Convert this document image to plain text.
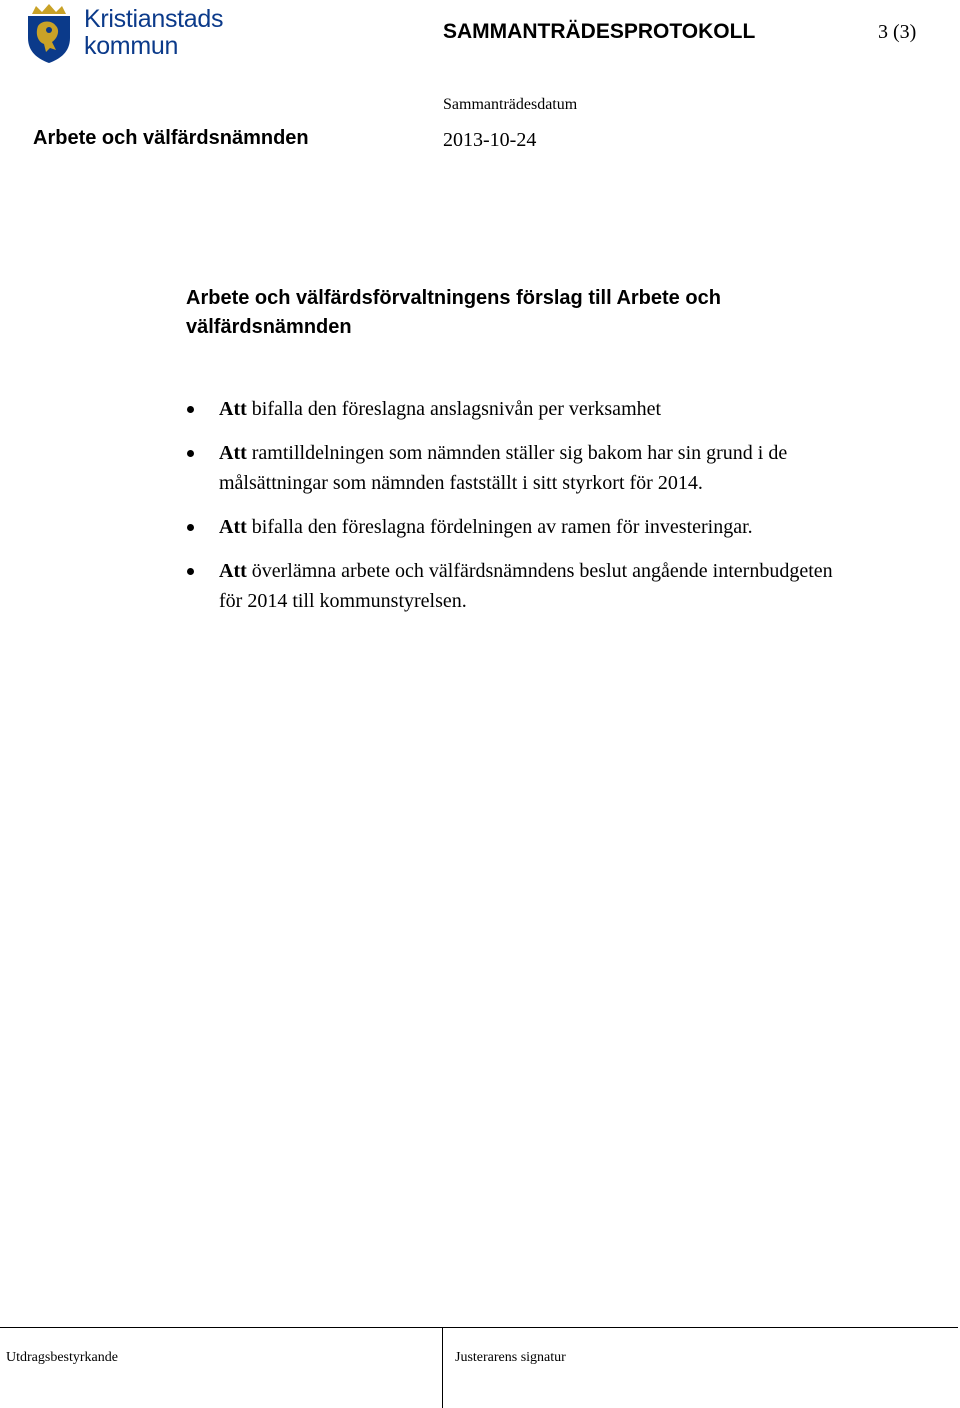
Kristianstads
kommun
SAMMANTRÄDESPROTOKOLL	3 (3)
Sammanträdesdatum
Arbete och välfärdsnämnden	2013-10-24
Arbete och välfärdsförvaltningens förslag till Arbete och välfärdsnämnden
Att bifalla den föreslagna anslagsnivån per verksamhet
Att ramtilldelningen som nämnden ställer sig bakom har sin grund i de målsättningar som nämnden fastställt i sitt styrkort för 2014.
Att bifalla den föreslagna fördelningen av ramen för investeringar.
Att överlämna arbete och välfärdsnämndens beslut angående internbudgeten för 2014 till kommunstyrelsen.
Utdragsbestyrkande	Justerarens signatur
